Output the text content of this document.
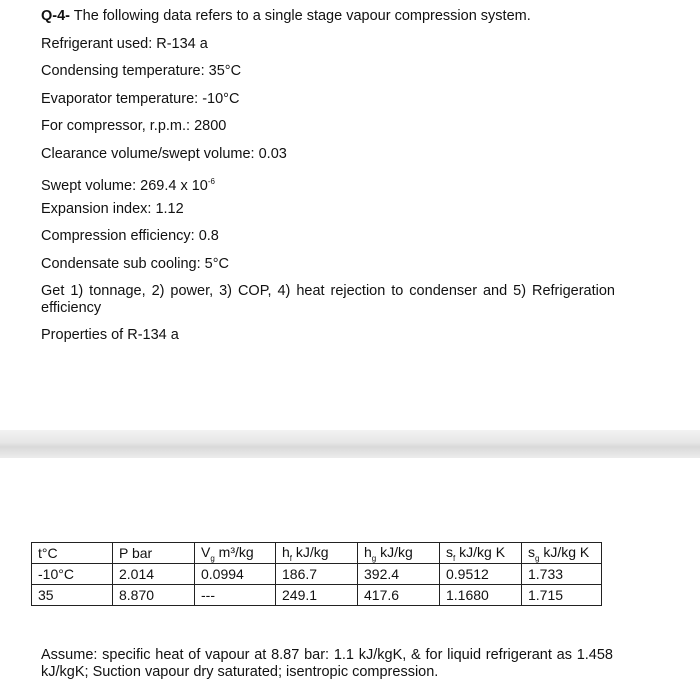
Q-4- The following data refers to a single stage vapour compression system.
Refrigerant used: R-134 a
Condensing temperature: 35°C
Evaporator temperature: -10°C
For compressor, r.p.m.: 2800
Clearance volume/swept volume: 0.03
Swept volume: 269.4 x $10^{-6}$
Expansion index: 1.12
Compression efficiency: 0.8
Condensate sub cooling: 5°C
Get 1) tonnage, 2) power, 3) COP, 4) heat rejection to condenser and 5) Refrigeration efficiency
Properties of R-134 a
t°C	P bar	$V_g$ m³/kg	$h_f$ kJ/kg	$h_g$ kJ/kg	$s_f$ kJ/kg K	$s_g$ kJ/kg K
-10°C	2.014	0.0994	186.7	392.4	0.9512	1.733
35	8.870	---	249.1	417.6	1.1680	1.715
Assume: specific heat of vapour at 8.87 bar: 1.1 kJ/kgK, & for liquid refrigerant as 1.458 kJ/kgK; Suction vapour dry saturated; isentropic compression.
